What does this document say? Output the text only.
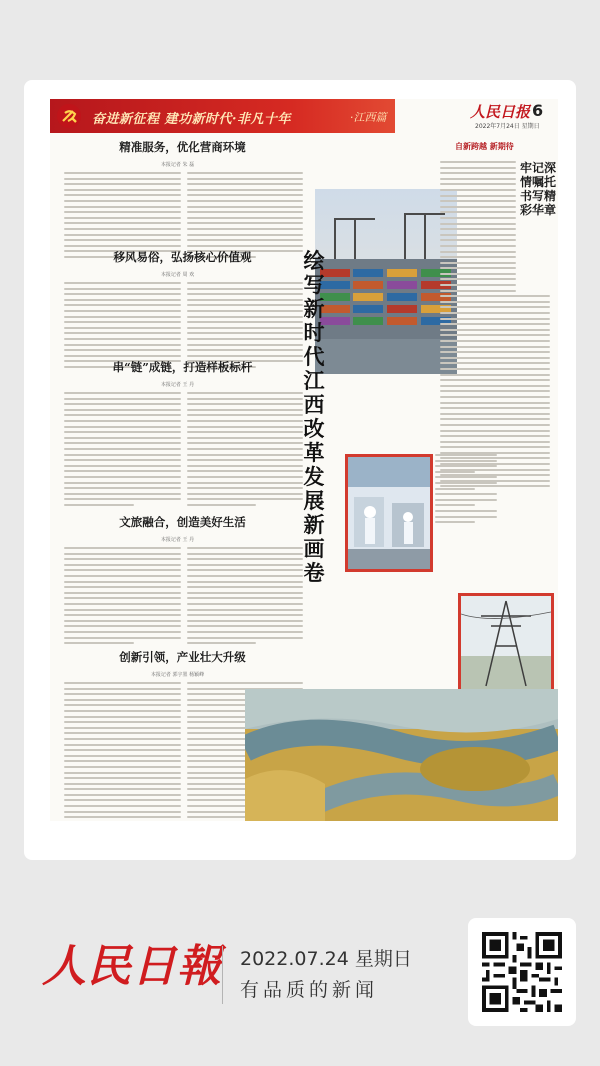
奋进新征程 建功新时代·非凡十年	·江西篇	人民日报 6
2022年7月24日 星期日
自新跨越 新期待
精准服务，优化营商环境
本报记者 朱 磊
移风易俗，弘扬核心价值观
本报记者 周 欢
串“链”成链，打造样板标杆
本报记者 王 丹
文旅融合，创造美好生活
本报记者 王 丹
创新引领，产业壮大升级
本报记者 郭宇墨 杨颖峰
绘写新时代江西改革发展新画卷
牢记深情嘱托 书写精彩华章
人民日報 2022.07.24 星期日
有品质的新闻
